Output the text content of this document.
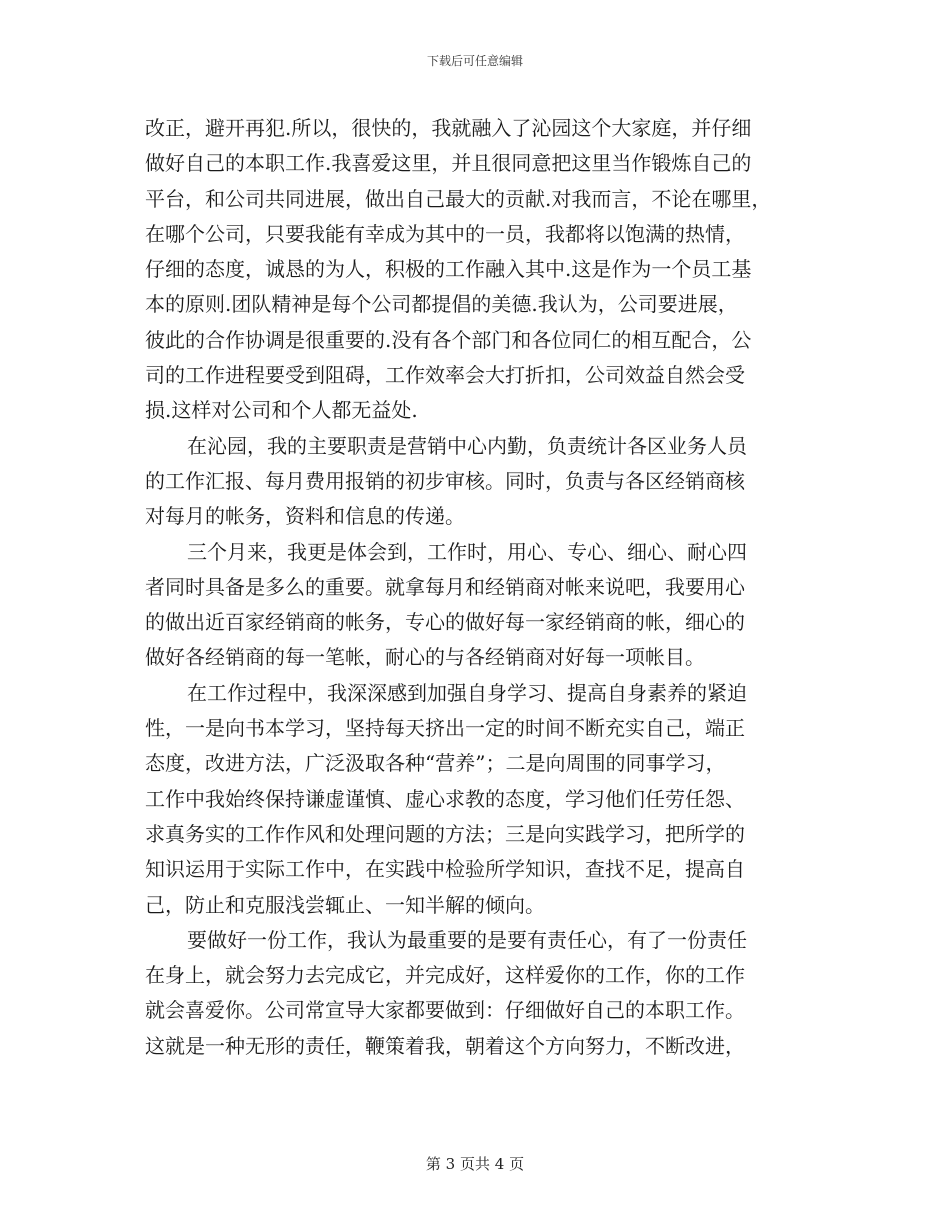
下载后可任意编辑
改正，避开再犯.所以，很快的，我就融入了沁园这个大家庭，并仔细
做好自己的本职工作.我喜爱这里，并且很同意把这里当作锻炼自己的
平台，和公司共同进展，做出自己最大的贡献.对我而言，不论在哪里，
在哪个公司，只要我能有幸成为其中的一员，我都将以饱满的热情，
仔细的态度，诚恳的为人，积极的工作融入其中.这是作为一个员工基
本的原则.团队精神是每个公司都提倡的美德.我认为，公司要进展，
彼此的合作协调是很重要的.没有各个部门和各位同仁的相互配合，公
司的工作进程要受到阻碍，工作效率会大打折扣，公司效益自然会受
损.这样对公司和个人都无益处.
在沁园，我的主要职责是营销中心内勤，负责统计各区业务人员
的工作汇报、每月费用报销的初步审核。同时，负责与各区经销商核
对每月的帐务，资料和信息的传递。
三个月来，我更是体会到，工作时，用心、专心、细心、耐心四
者同时具备是多么的重要。就拿每月和经销商对帐来说吧，我要用心
的做出近百家经销商的帐务，专心的做好每一家经销商的帐，细心的
做好各经销商的每一笔帐，耐心的与各经销商对好每一项帐目。
在工作过程中，我深深感到加强自身学习、提高自身素养的紧迫
性，一是向书本学习，坚持每天挤出一定的时间不断充实自己，端正
态度，改进方法，广泛汲取各种“营养”；二是向周围的同事学习，
工作中我始终保持谦虚谨慎、虚心求教的态度，学习他们任劳任怨、
求真务实的工作作风和处理问题的方法；三是向实践学习，把所学的
知识运用于实际工作中，在实践中检验所学知识，查找不足，提高自
己，防止和克服浅尝辄止、一知半解的倾向。
要做好一份工作，我认为最重要的是要有责任心，有了一份责任
在身上，就会努力去完成它，并完成好，这样爱你的工作，你的工作
就会喜爱你。公司常宣导大家都要做到：仔细做好自己的本职工作。
这就是一种无形的责任，鞭策着我，朝着这个方向努力，不断改进，
第 3 页共 4 页
